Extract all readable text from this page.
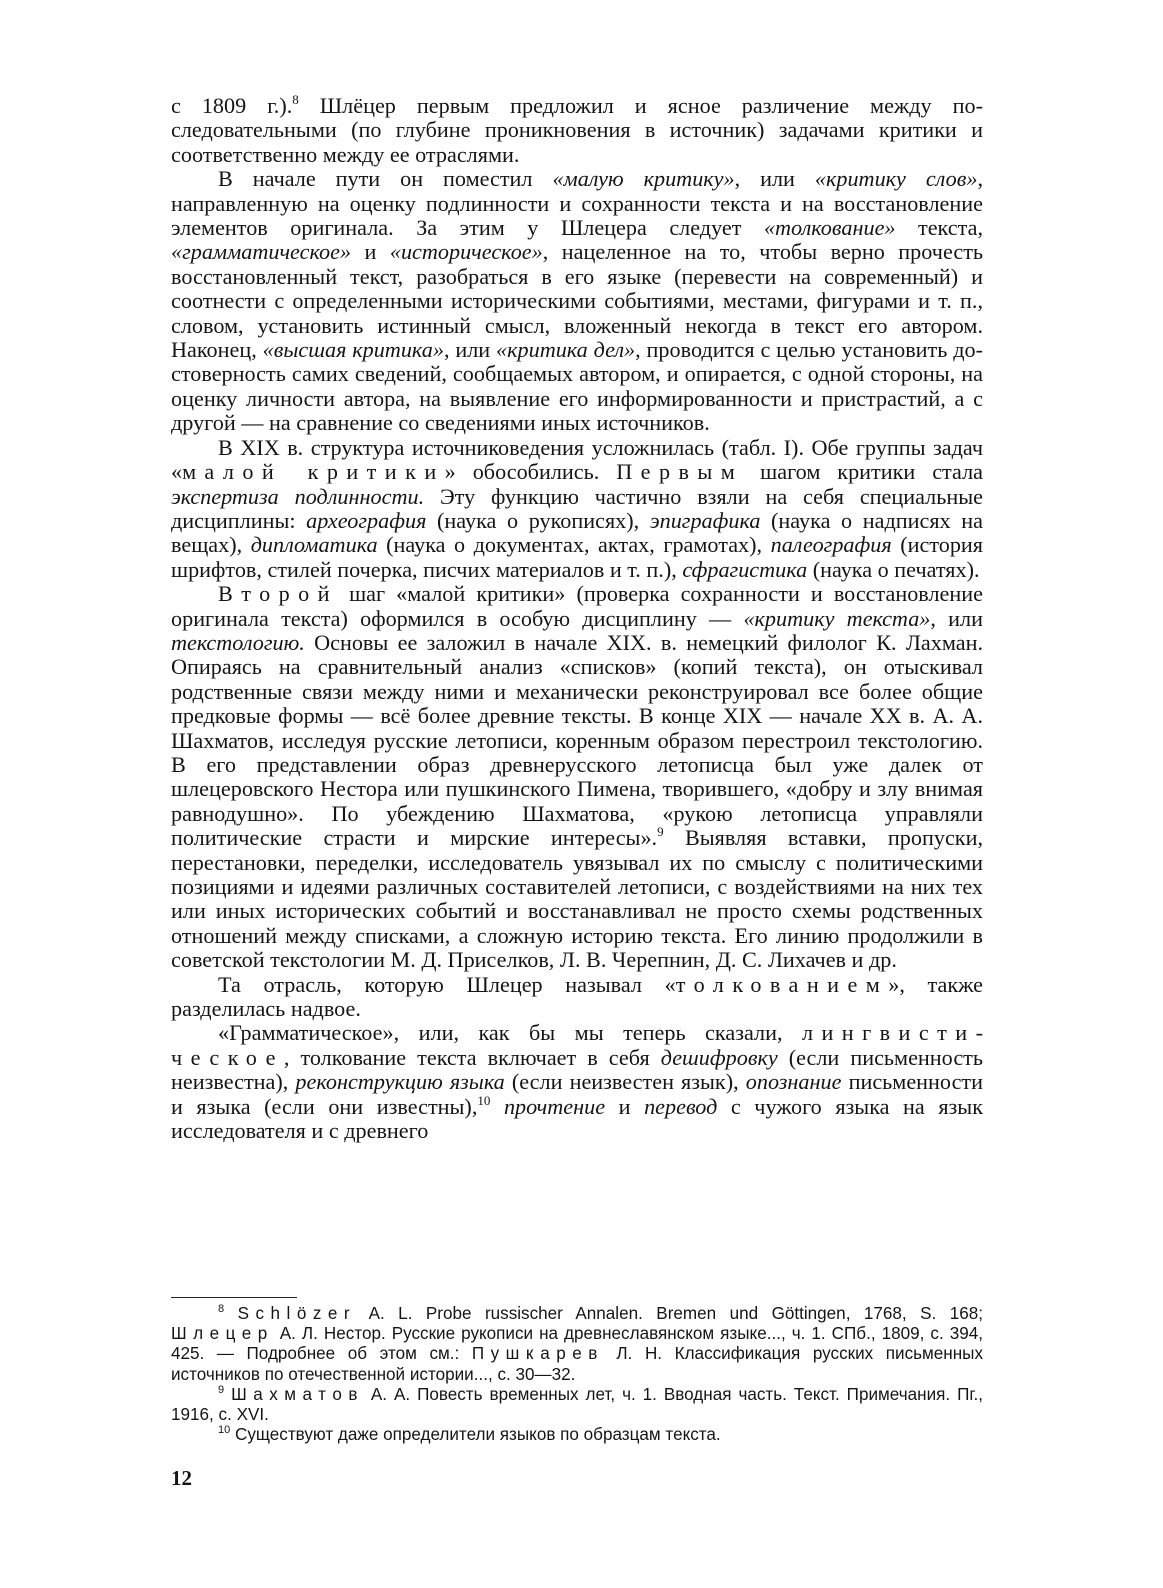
с 1809 г.).$^8$ Шлёцер первым предложил и ясное различение между последовательными (по глубине проникновения в источник) задачами критики и соответственно между ее отраслями.

В начале пути он поместил «малую критику», или «критику слов», направленную на оценку подлинности и сохранности текста и на восстановление элементов оригинала. За этим у Шлецера следует «толкование» текста, «грамматическое» и «историческое», нацеленное на то, чтобы верно прочесть восстановленный текст, разобраться в его языке (перевести на современный) и соотнести с определенными историческими событиями, местами, фигурами и т. п., словом, установить истинный смысл, вложенный некогда в текст его автором. Наконец, «высшая критика», или «критика дел», проводится с целью установить достоверность самих сведений, сообщаемых автором, и опирается, с одной стороны, на оценку личности автора, на выявление его информированности и пристрастий, а с другой — на сравнение со сведениями иных источников.

В XIX в. структура источниковедения усложнилась (табл. I). Обе группы задач «малой критики» обособились. Первым шагом критики стала экспертиза подлинности. Эту функцию частично взяли на себя специальные дисциплины: археография (наука о рукописях), эпиграфика (наука о надписях на вещах), дипломатика (наука о документах, актах, грамотах), палеография (история шрифтов, стилей почерка, писчих материалов и т. п.), сфрагистика (наука о печатях).

Второй шаг «малой критики» (проверка сохранности и восстановление оригинала текста) оформился в особую дисциплину — «критику текста», или текстологию. Основы ее заложил в начале XIX. в. немецкий филолог К. Лахман. Опираясь на сравнительный анализ «списков» (копий текста), он отыскивал родственные связи между ними и механически реконструировал все более общие предковые формы — всё более древние тексты. В конце XIX — начале XX в. А. А. Шахматов, исследуя русские летописи, коренным образом перестроил текстологию. В его представлении образ древнерусского летописца был уже далек от шлецеровского Нестора или пушкинского Пимена, творившего, «добру и злу внимая равнодушно». По убеждению Шахматова, «рукою летописца управляли политические страсти и мирские интересы».$^9$ Выявляя вставки, пропуски, перестановки, переделки, исследователь увязывал их по смыслу с политическими позициями и идеями различных составителей летописи, с воздействиями на них тех или иных исторических событий и восстанавливал не просто схемы родственных отношений между списками, а сложную историю текста. Его линию продолжили в советской текстологии М. Д. Приселков, Л. В. Черепнин, Д. С. Лихачев и др.

Та отрасль, которую Шлецер называл «толкованием», также разделилась надвое.

«Грамматическое», или, как бы мы теперь сказали, лингвистическое, толкование текста включает в себя дешифровку (если письменность неизвестна), реконструкцию языка (если неизвестен язык), опознание письменности и языка (если они известны),$^{10}$ прочтение и перевод с чужого языка на язык исследователя и с древнего

$^8$ Schlözer A. L. Probe russischer Annalen. Bremen und Göttingen, 1768, S. 168; Шлецер А. Л. Нестор. Русские рукописи на древнеславянском языке..., ч. 1. СПб., 1809, с. 394, 425. — Подробнее об этом см.: Пушкарев Л. Н. Классификация русских письменных источников по отечественной истории..., с. 30—32.

$^9$ Шахматов А. А. Повесть временных лет, ч. 1. Вводная часть. Текст. Примечания. Пг., 1916, с. XVI.

$^{10}$ Существуют даже определители языков по образцам текста.

12
